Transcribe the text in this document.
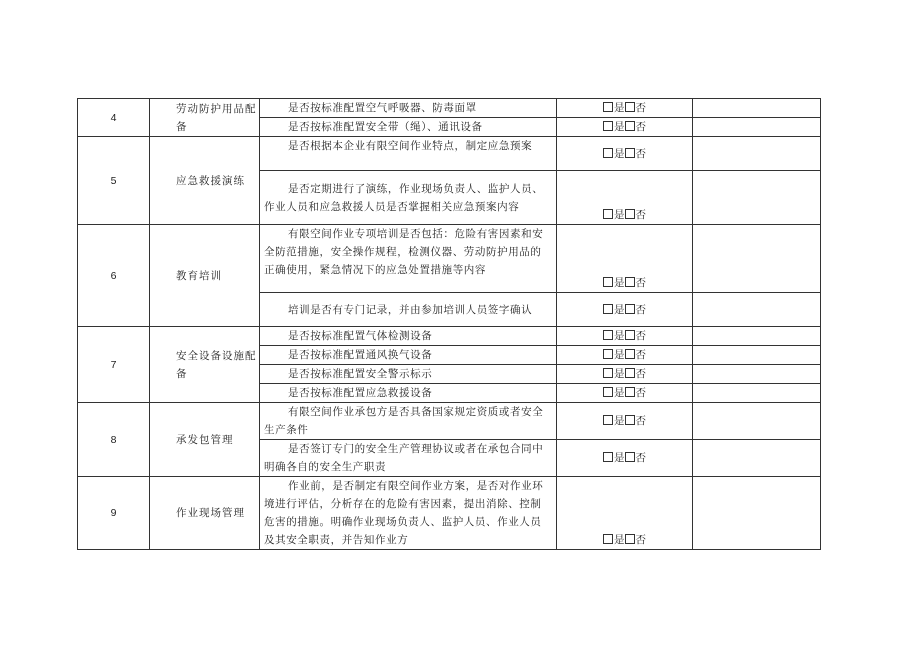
4	劳动防护用品配备	是否按标准配置空气呼吸器、防毒面罩	是 否	
		是否按标准配置安全带（绳）、通讯设备	是 否	
5	应急救援演练	是否根据本企业有限空间作业特点，制定应急预案	是 否	
		是否定期进行了演练，作业现场负责人、监护人员、作业人员和应急救援人员是否掌握相关应急预案内容	是 否	
6	教育培训	有限空间作业专项培训是否包括：危险有害因素和安全防范措施，安全操作规程，检测仪器、劳动防护用品的正确使用，紧急情况下的应急处置措施等内容	是 否	
		培训是否有专门记录，并由参加培训人员签字确认	是 否	
7	安全设备设施配备	是否按标准配置气体检测设备	是 否	
		是否按标准配置通风换气设备	是 否	
		是否按标准配置安全警示标示	是 否	
		是否按标准配置应急救援设备	是 否	
8	承发包管理	有限空间作业承包方是否具备国家规定资质或者安全生产条件	是 否	
		是否签订专门的安全生产管理协议或者在承包合同中明确各自的安全生产职责	是 否	
9	作业现场管理	作业前，是否制定有限空间作业方案，是否对作业环境进行评估，分析存在的危险有害因素，提出消除、控制危害的措施。明确作业现场负责人、监护人员、作业人员及其安全职责，并告知作业方	是 否	
